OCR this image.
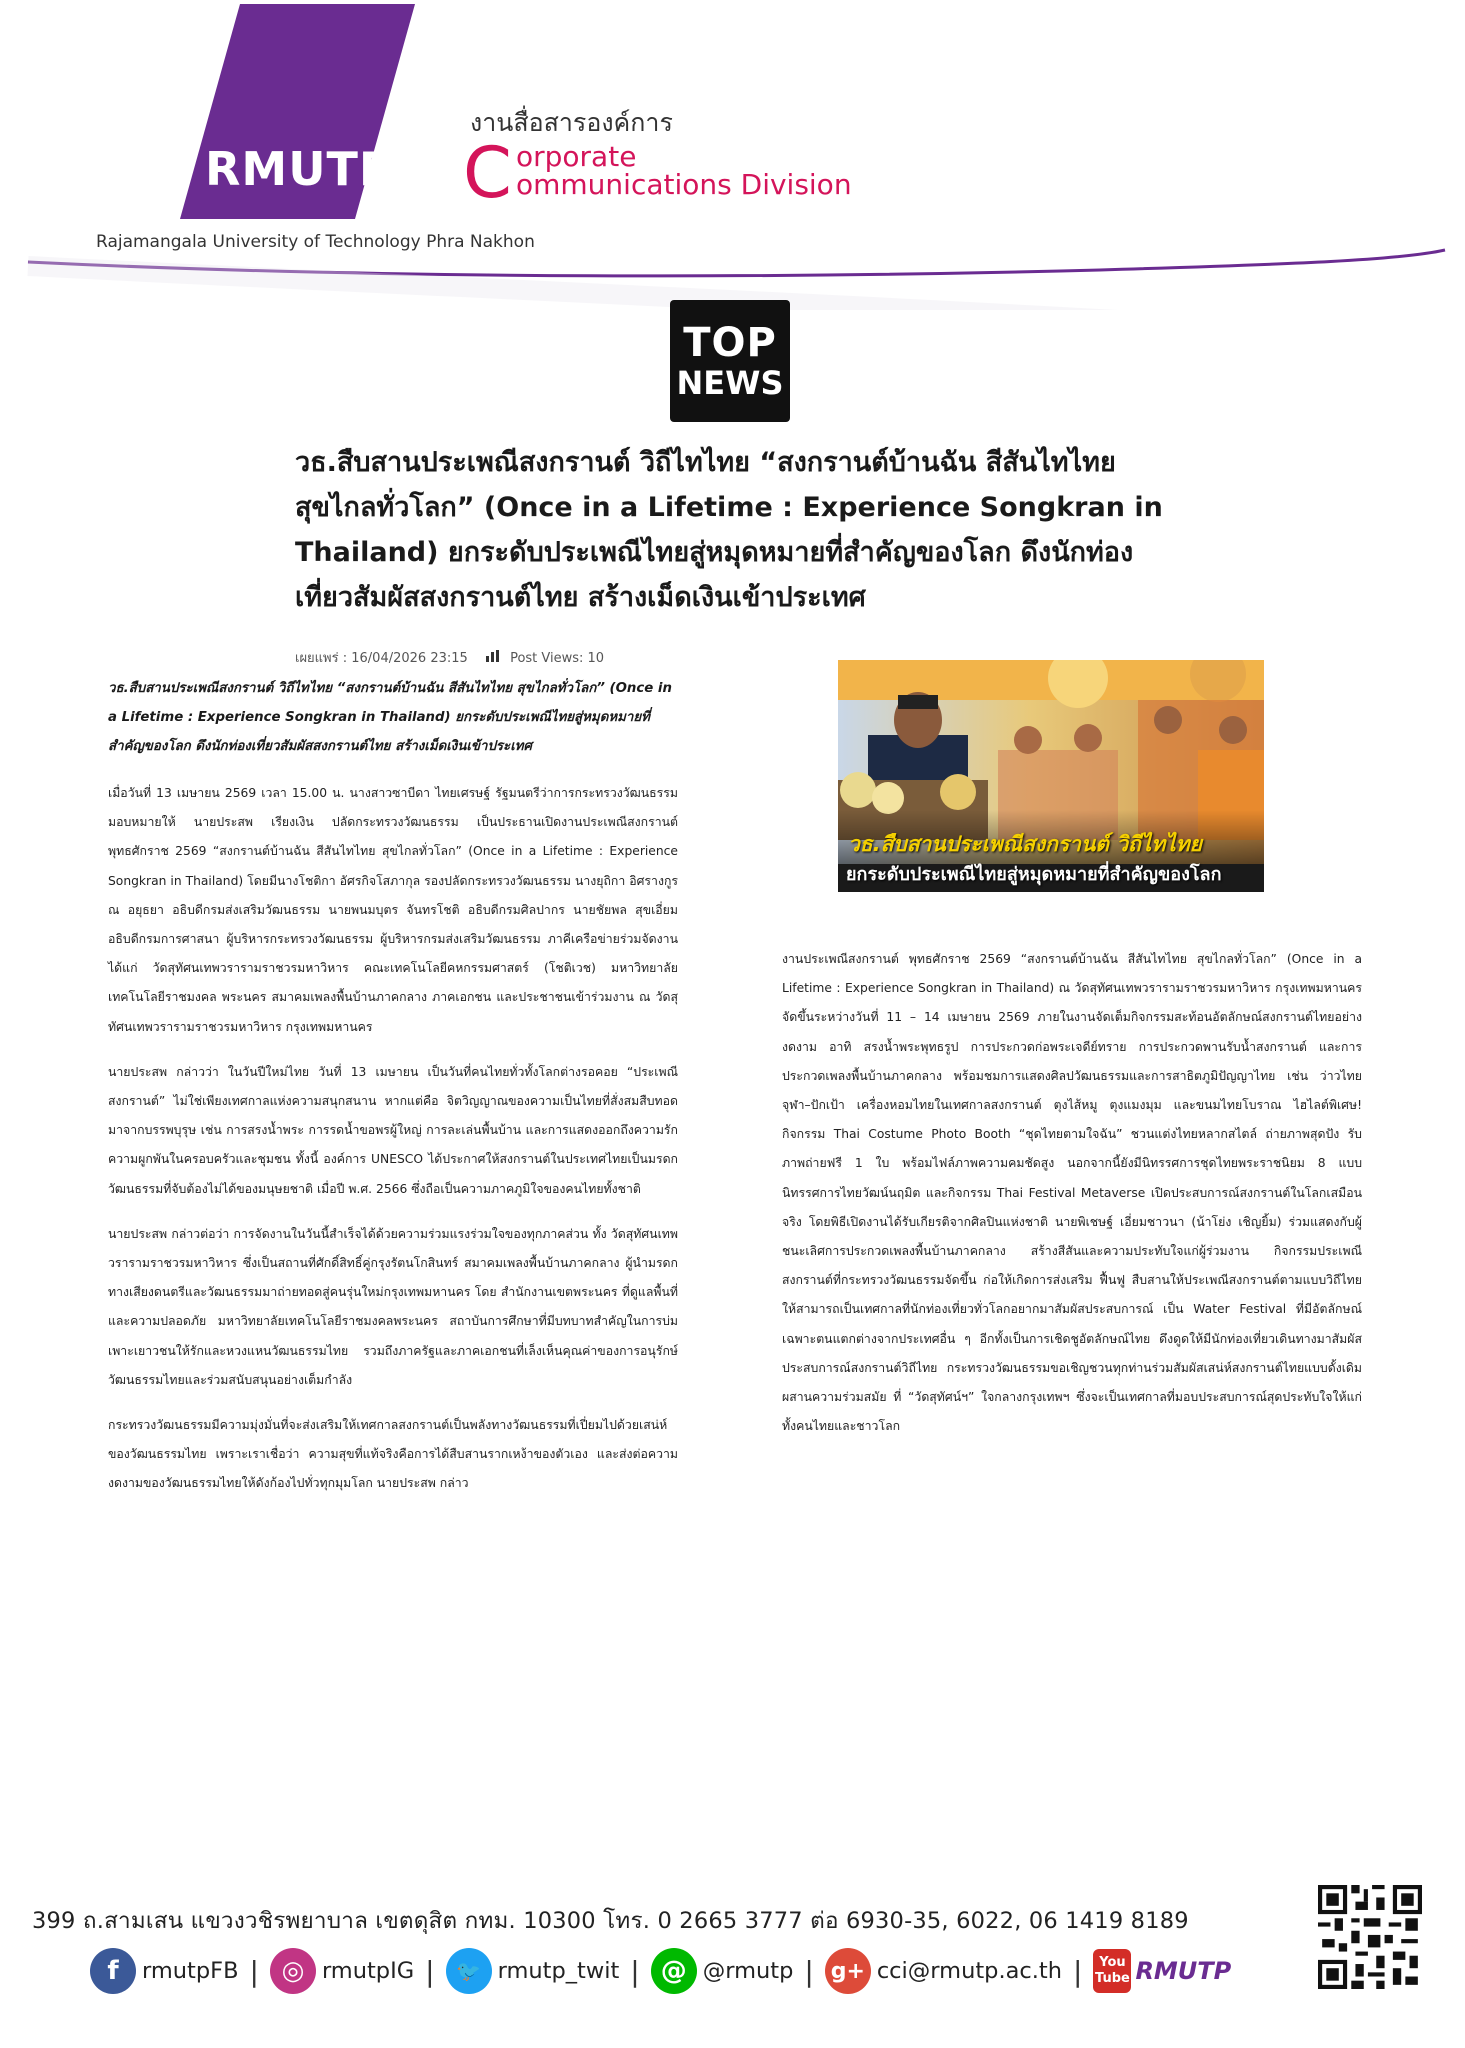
RMUTP
งานสื่อสารองค์การ
C orporate
ommunications Division
Rajamangala University of Technology Phra Nakhon
TOP
NEWS
วธ.สืบสานประเพณีสงกรานต์ วิถีไทไทย “สงกรานต์บ้านฉัน สีสันไทไทย
สุขไกลทั่วโลก” (Once in a Lifetime : Experience Songkran in
Thailand) ยกระดับประเพณีไทยสู่หมุดหมายที่สำคัญของโลก ดึงนักท่อง
เที่ยวสัมผัสสงกรานต์ไทย สร้างเม็ดเงินเข้าประเทศ
เผยแพร่ : 16/04/2026 23:15	Post Views: 10

วธ.สืบสานประเพณีสงกรานต์ วิถีไทไทย “สงกรานต์บ้านฉัน สีสันไทไทย สุขไกลทั่วโลก” (Once in a Lifetime : Experience Songkran in Thailand) ยกระดับประเพณีไทยสู่หมุดหมายที่สำคัญของโลก ดึงนักท่องเที่ยวสัมผัสสงกรานต์ไทย สร้างเม็ดเงินเข้าประเทศ

เมื่อวันที่ 13 เมษายน 2569 เวลา 15.00 น. นางสาวซาบีดา ไทยเศรษฐ์ รัฐมนตรีว่าการกระทรวงวัฒนธรรม มอบหมายให้ นายประสพ เรียงเงิน ปลัดกระทรวงวัฒนธรรม เป็นประธานเปิดงานประเพณีสงกรานต์ พุทธศักราช 2569 “สงกรานต์บ้านฉัน สีสันไทไทย สุขไกลทั่วโลก” (Once in a Lifetime : Experience Songkran in Thailand) โดยมีนางโชติกา อัศรกิจโสภากุล รองปลัดกระทรวงวัฒนธรรม นางยุถิกา อิศรางกูร ณ อยุธยา อธิบดีกรมส่งเสริมวัฒนธรรม นายพนมบุตร จันทรโชติ อธิบดีกรมศิลปากร นายชัยพล สุขเอี่ยม อธิบดีกรมการศาสนา ผู้บริหารกระทรวงวัฒนธรรม ผู้บริหารกรมส่งเสริมวัฒนธรรม ภาคีเครือข่ายร่วมจัดงาน ได้แก่ วัดสุทัศนเทพวรารามราชวรมหาวิหาร คณะเทคโนโลยีคหกรรมศาสตร์ (โชติเวช) มหาวิทยาลัยเทคโนโลยีราชมงคล พระนคร สมาคมเพลงพื้นบ้านภาคกลาง ภาคเอกชน และประชาชนเข้าร่วมงาน ณ วัดสุทัศนเทพวรารามราชวรมหาวิหาร กรุงเทพมหานคร

นายประสพ กล่าวว่า ในวันปีใหม่ไทย วันที่ 13 เมษายน เป็นวันที่คนไทยทั่วทั้งโลกต่างรอคอย “ประเพณีสงกรานต์” ไม่ใช่เพียงเทศกาลแห่งความสนุกสนาน หากแต่คือ จิตวิญญาณของความเป็นไทยที่สั่งสมสืบทอดมาจากบรรพบุรุษ เช่น การสรงน้ำพระ การรดน้ำขอพรผู้ใหญ่ การละเล่นพื้นบ้าน และการแสดงออกถึงความรักความผูกพันในครอบครัวและชุมชน ทั้งนี้ องค์การ UNESCO ได้ประกาศให้สงกรานต์ในประเทศไทยเป็นมรดกวัฒนธรรมที่จับต้องไม่ได้ของมนุษยชาติ เมื่อปี พ.ศ. 2566 ซึ่งถือเป็นความภาคภูมิใจของคนไทยทั้งชาติ

นายประสพ กล่าวต่อว่า การจัดงานในวันนี้สำเร็จได้ด้วยความร่วมแรงร่วมใจของทุกภาคส่วน ทั้ง วัดสุทัศนเทพวรารามราชวรมหาวิหาร ซึ่งเป็นสถานที่ศักดิ์สิทธิ์คู่กรุงรัตนโกสินทร์ สมาคมเพลงพื้นบ้านภาคกลาง ผู้นำมรดกทางเสียงดนตรีและวัฒนธรรมมาถ่ายทอดสู่คนรุ่นใหม่กรุงเทพมหานคร โดย สำนักงานเขตพระนคร ที่ดูแลพื้นที่และความปลอดภัย มหาวิทยาลัยเทคโนโลยีราชมงคลพระนคร สถาบันการศึกษาที่มีบทบาทสำคัญในการบ่มเพาะเยาวชนให้รักและหวงแหนวัฒนธรรมไทย รวมถึงภาครัฐและภาคเอกชนที่เล็งเห็นคุณค่าของการอนุรักษ์วัฒนธรรมไทยและร่วมสนับสนุนอย่างเต็มกำลัง

กระทรวงวัฒนธรรมมีความมุ่งมั่นที่จะส่งเสริมให้เทศกาลสงกรานต์เป็นพลังทางวัฒนธรรมที่เปี่ยมไปด้วยเสน่ห์ของวัฒนธรรมไทย เพราะเราเชื่อว่า ความสุขที่แท้จริงคือการได้สืบสานรากเหง้าของตัวเอง และส่งต่อความงดงามของวัฒนธรรมไทยให้ดังก้องไปทั่วทุกมุมโลก นายประสพ กล่าว

วธ.สืบสานประเพณีสงกรานต์ วิถีไทไทย
ยกระดับประเพณีไทยสู่หมุดหมายที่สำคัญของโลก

งานประเพณีสงกรานต์ พุทธศักราช 2569 “สงกรานต์บ้านฉัน สีสันไทไทย สุขไกลทั่วโลก” (Once in a Lifetime : Experience Songkran in Thailand) ณ วัดสุทัศนเทพวรารามราชวรมหาวิหาร กรุงเทพมหานคร จัดขึ้นระหว่างวันที่ 11 – 14 เมษายน 2569 ภายในงานจัดเต็มกิจกรรมสะท้อนอัตลักษณ์สงกรานต์ไทยอย่างงดงาม อาทิ สรงน้ำพระพุทธรูป การประกวดก่อพระเจดีย์ทราย การประกวดพานรับน้ำสงกรานต์ และการประกวดเพลงพื้นบ้านภาคกลาง พร้อมชมการแสดงศิลปวัฒนธรรมและการสาธิตภูมิปัญญาไทย เช่น ว่าวไทย จุฬา–ปักเป้า เครื่องหอมไทยในเทศกาลสงกรานต์ ตุงไส้หมู ตุงแมงมุม และขนมไทยโบราณ ไฮไลต์พิเศษ! กิจกรรม Thai Costume Photo Booth “ชุดไทยตามใจฉัน” ชวนแต่งไทยหลากสไตล์ ถ่ายภาพสุดปัง รับภาพถ่ายฟรี 1 ใบ พร้อมไฟล์ภาพความคมชัดสูง นอกจากนี้ยังมีนิทรรศการชุดไทยพระราชนิยม 8 แบบ นิทรรศการไทยวัฒน์นฤมิต และกิจกรรม Thai Festival Metaverse เปิดประสบการณ์สงกรานต์ในโลกเสมือนจริง โดยพิธีเปิดงานได้รับเกียรติจากศิลปินแห่งชาติ นายพิเชษฐ์ เอี่ยมชาวนา (น้าโย่ง เชิญยิ้ม) ร่วมแสดงกับผู้ชนะเลิศการประกวดเพลงพื้นบ้านภาคกลาง สร้างสีสันและความประทับใจแก่ผู้ร่วมงาน กิจกรรมประเพณีสงกรานต์ที่กระทรวงวัฒนธรรมจัดขึ้น ก่อให้เกิดการส่งเสริม ฟื้นฟู สืบสานให้ประเพณีสงกรานต์ตามแบบวิถีไทย ให้สามารถเป็นเทศกาลที่นักท่องเที่ยวทั่วโลกอยากมาสัมผัสประสบการณ์ เป็น Water Festival ที่มีอัตลักษณ์เฉพาะตนแตกต่างจากประเทศอื่น ๆ อีกทั้งเป็นการเชิดชูอัตลักษณ์ไทย ดึงดูดให้มีนักท่องเที่ยวเดินทางมาสัมผัสประสบการณ์สงกรานต์วิถีไทย กระทรวงวัฒนธรรมขอเชิญชวนทุกท่านร่วมสัมผัสเสน่ห์สงกรานต์ไทยแบบดั้งเดิม ผสานความร่วมสมัย ที่ “วัดสุทัศน์ฯ” ใจกลางกรุงเทพฯ ซึ่งจะเป็นเทศกาลที่มอบประสบการณ์สุดประทับใจให้แก่ทั้งคนไทยและชาวโลก

399 ถ.สามเสน แขวงวชิรพยาบาล เขตดุสิต กทม. 10300 โทร. 0 2665 3777 ต่อ 6930-35, 6022, 06 1419 8189
f	rmutpFB | ◎ rmutpIG |	🐦 rmutp_twit | @ @rmutp | g+ cci@rmutp.ac.th | You
Tube RMUTP
